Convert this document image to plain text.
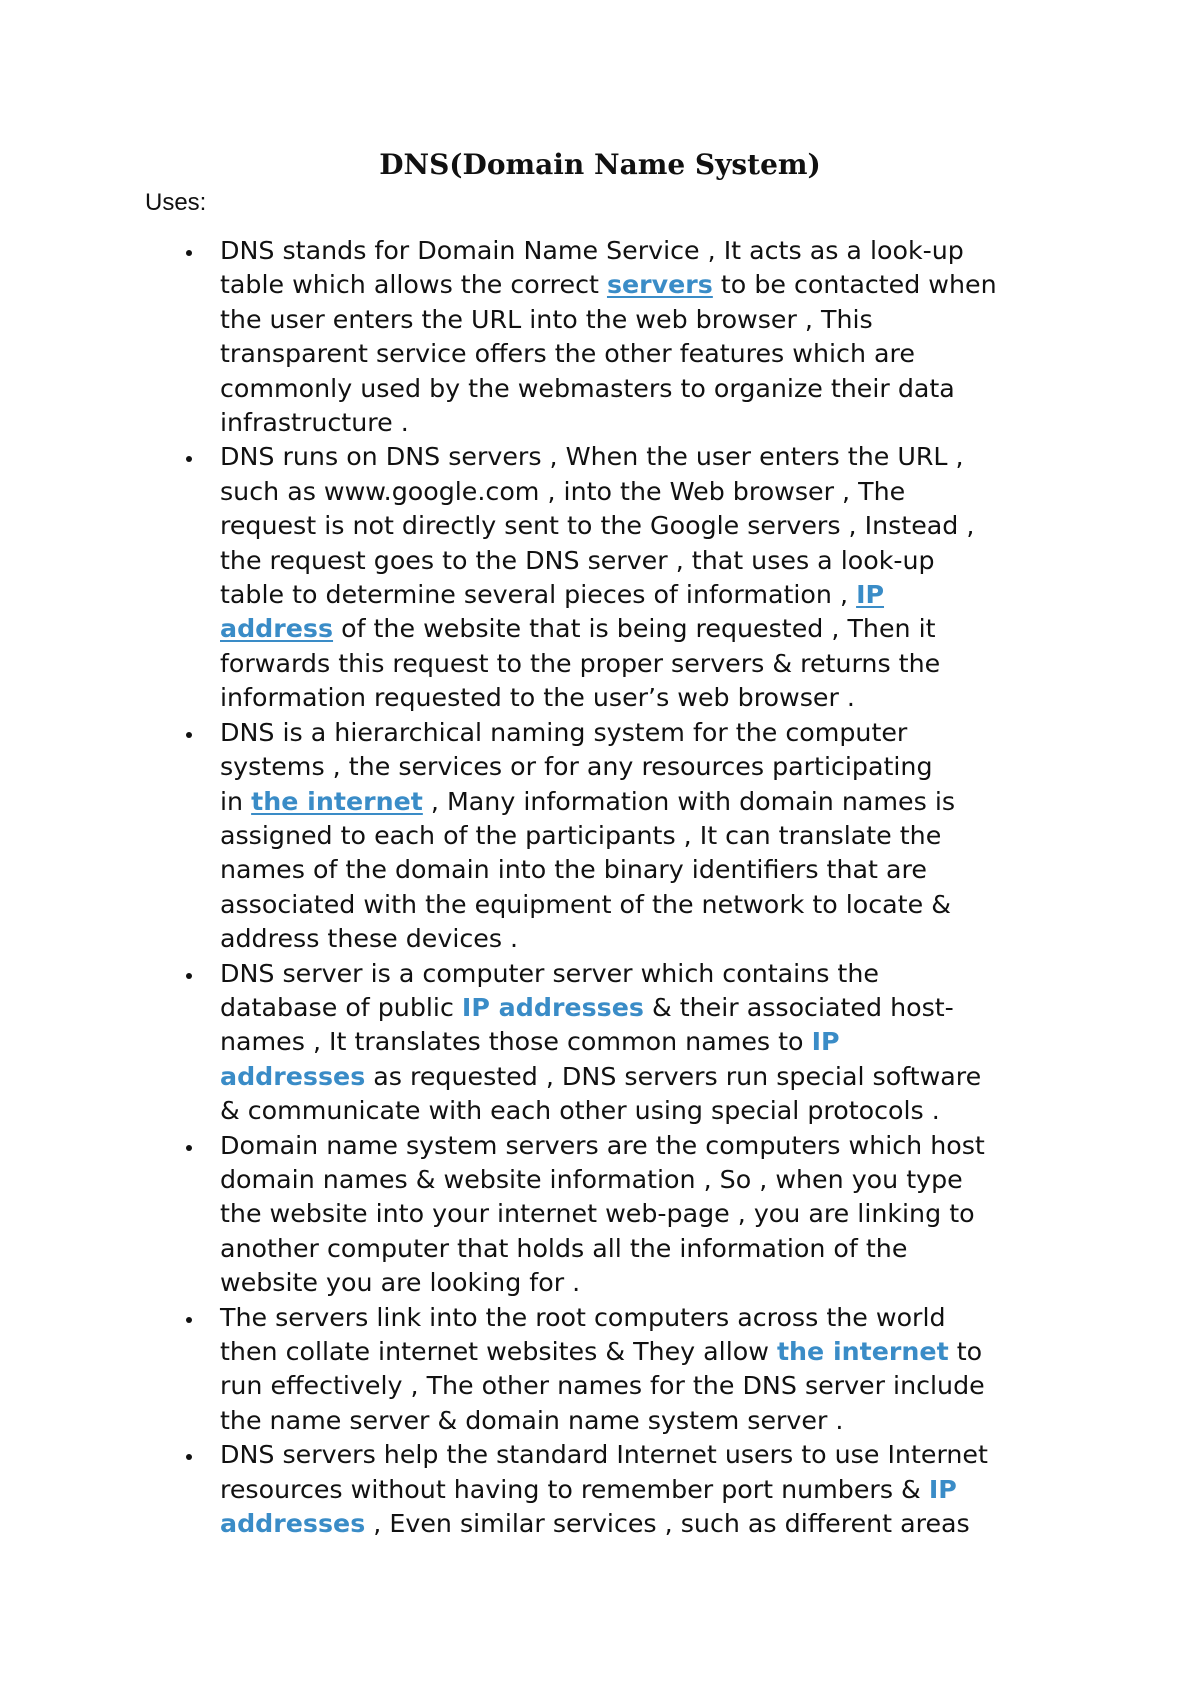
DNS(Domain Name System)
Uses:
DNS stands for Domain Name Service , It acts as a look-up
table which allows the correct servers to be contacted when
the user enters the URL into the web browser , This
transparent service offers the other features which are
commonly used by the webmasters to organize their data
infrastructure .
DNS runs on DNS servers , When the user enters the URL ,
such as www.google.com , into the Web browser , The
request is not directly sent to the Google servers , Instead ,
the request goes to the DNS server , that uses a look-up
table to determine several pieces of information , IP
address of the website that is being requested , Then it
forwards this request to the proper servers & returns the
information requested to the user’s web browser .
DNS is a hierarchical naming system for the computer
systems , the services or for any resources participating
in the internet , Many information with domain names is
assigned to each of the participants , It can translate the
names of the domain into the binary identifiers that are
associated with the equipment of the network to locate &
address these devices .
DNS server is a computer server which contains the
database of public IP addresses & their associated host-
names , It translates those common names to IP
addresses as requested , DNS servers run special software
& communicate with each other using special protocols .
Domain name system servers are the computers which host
domain names & website information , So , when you type
the website into your internet web-page , you are linking to
another computer that holds all the information of the
website you are looking for .
The servers link into the root computers across the world
then collate internet websites & They allow the internet to
run effectively , The other names for the DNS server include
the name server & domain name system server .
DNS servers help the standard Internet users to use Internet
resources without having to remember port numbers & IP
addresses , Even similar services , such as different areas
